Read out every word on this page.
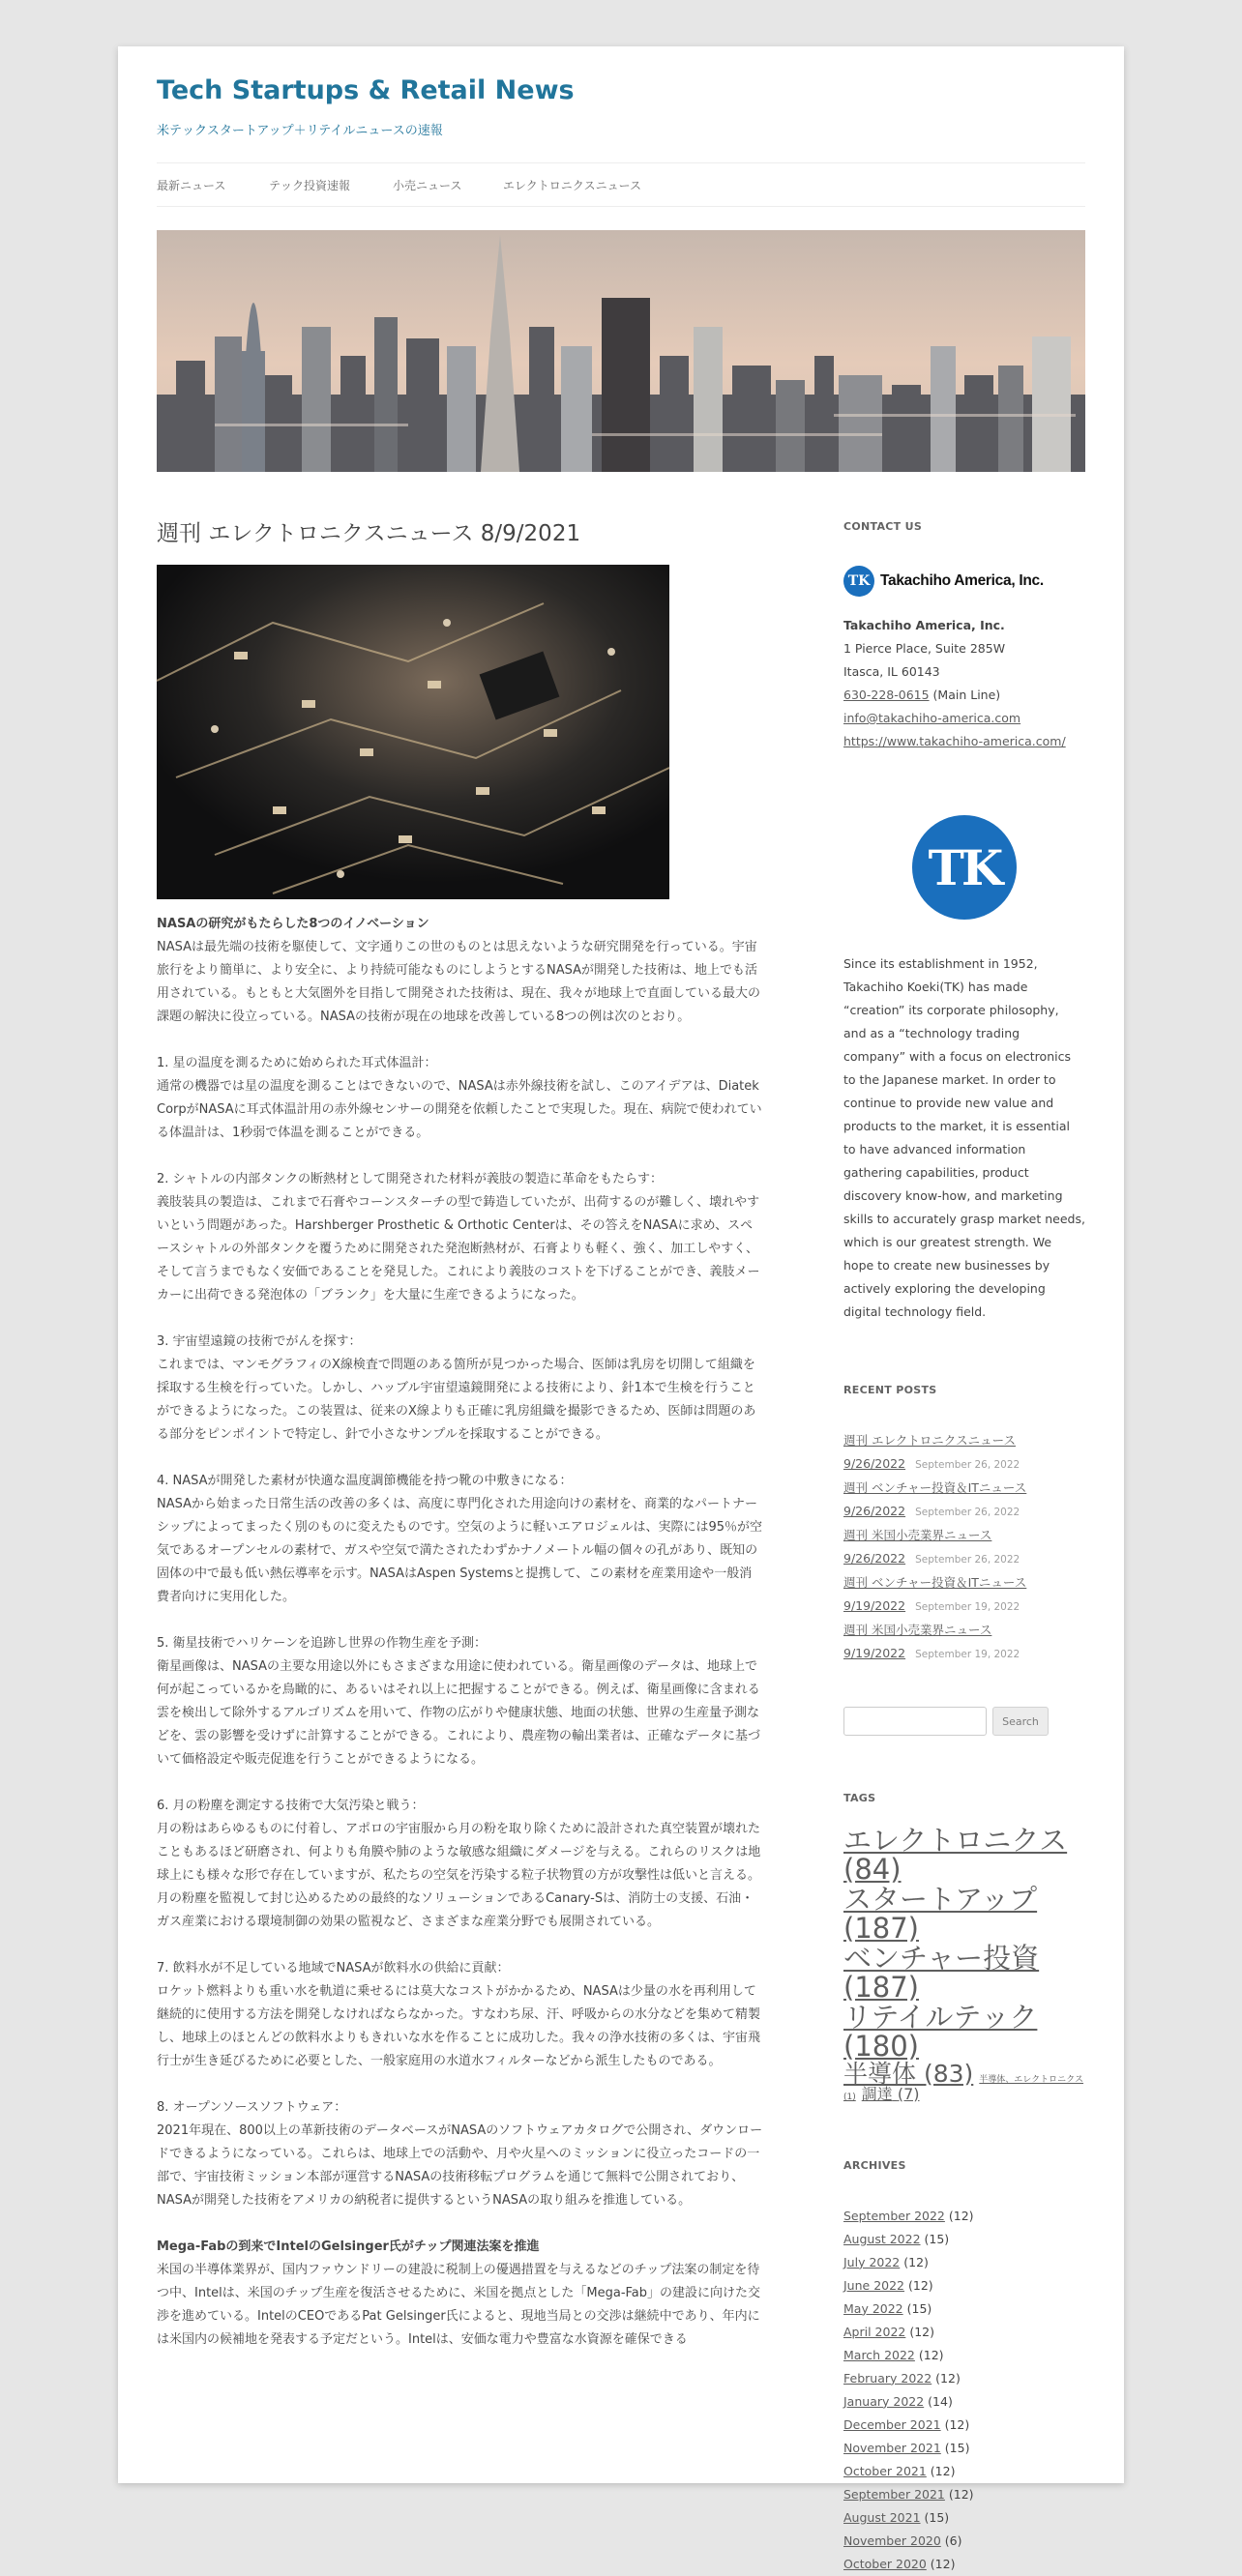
Tech Startups & Retail News
米テックスタートアップ＋リテイルニュースの速報
最新ニュース	テック投資速報	小売ニュース	エレクトロニクスニュース
週刊 エレクトロニクスニュース 8/9/2021

NASAの研究がもたらした8つのイノベーション
NASAは最先端の技術を駆使して、文字通りこの世のものとは思えないような研究開発を行っている。宇宙旅行をより簡単に、より安全に、より持続可能なものにしようとするNASAが開発した技術は、地上でも活用されている。もともと大気圏外を目指して開発された技術は、現在、我々が地球上で直面している最大の課題の解決に役立っている。NASAの技術が現在の地球を改善している8つの例は次のとおり。

1. 星の温度を測るために始められた耳式体温計：
通常の機器では星の温度を測ることはできないので、NASAは赤外線技術を試し、このアイデアは、Diatek CorpがNASAに耳式体温計用の赤外線センサーの開発を依頼したことで実現した。現在、病院で使われている体温計は、1秒弱で体温を測ることができる。

2. シャトルの内部タンクの断熱材として開発された材料が義肢の製造に革命をもたらす：
義肢装具の製造は、これまで石膏やコーンスターチの型で鋳造していたが、出荷するのが難しく、壊れやすいという問題があった。Harshberger Prosthetic & Orthotic Centerは、その答えをNASAに求め、スペースシャトルの外部タンクを覆うために開発された発泡断熱材が、石膏よりも軽く、強く、加工しやすく、そして言うまでもなく安価であることを発見した。これにより義肢のコストを下げることができ、義肢メーカーに出荷できる発泡体の「ブランク」を大量に生産できるようになった。

3. 宇宙望遠鏡の技術でがんを探す：
これまでは、マンモグラフィのX線検査で問題のある箇所が見つかった場合、医師は乳房を切開して組織を採取する生検を行っていた。しかし、ハッブル宇宙望遠鏡開発による技術により、針1本で生検を行うことができるようになった。この装置は、従来のX線よりも正確に乳房組織を撮影できるため、医師は問題のある部分をピンポイントで特定し、針で小さなサンプルを採取することができる。

4. NASAが開発した素材が快適な温度調節機能を持つ靴の中敷きになる：
NASAから始まった日常生活の改善の多くは、高度に専門化された用途向けの素材を、商業的なパートナーシップによってまったく別のものに変えたものです。空気のように軽いエアロジェルは、実際には95％が空気であるオープンセルの素材で、ガスや空気で満たされたわずかナノメートル幅の個々の孔があり、既知の固体の中で最も低い熱伝導率を示す。NASAはAspen Systemsと提携して、この素材を産業用途や一般消費者向けに実用化した。

5. 衛星技術でハリケーンを追跡し世界の作物生産を予測：
衛星画像は、NASAの主要な用途以外にもさまざまな用途に使われている。衛星画像のデータは、地球上で何が起こっているかを鳥瞰的に、あるいはそれ以上に把握することができる。例えば、衛星画像に含まれる雲を検出して除外するアルゴリズムを用いて、作物の広がりや健康状態、地面の状態、世界の生産量予測などを、雲の影響を受けずに計算することができる。これにより、農産物の輸出業者は、正確なデータに基づいて価格設定や販売促進を行うことができるようになる。

6. 月の粉塵を測定する技術で大気汚染と戦う：
月の粉はあらゆるものに付着し、アポロの宇宙服から月の粉を取り除くために設計された真空装置が壊れたこともあるほど研磨され、何よりも角膜や肺のような敏感な組織にダメージを与える。これらのリスクは地球上にも様々な形で存在していますが、私たちの空気を汚染する粒子状物質の方が攻撃性は低いと言える。月の粉塵を監視して封じ込めるための最終的なソリューションであるCanary-Sは、消防士の支援、石油・ガス産業における環境制御の効果の監視など、さまざまな産業分野でも展開されている。

7. 飲料水が不足している地域でNASAが飲料水の供給に貢献：
ロケット燃料よりも重い水を軌道に乗せるには莫大なコストがかかるため、NASAは少量の水を再利用して継続的に使用する方法を開発しなければならなかった。すなわち尿、汗、呼吸からの水分などを集めて精製し、地球上のほとんどの飲料水よりもきれいな水を作ることに成功した。我々の浄水技術の多くは、宇宙飛行士が生き延びるために必要とした、一般家庭用の水道水フィルターなどから派生したものである。

8. オープンソースソフトウェア：
2021年現在、800以上の革新技術のデータベースがNASAのソフトウェアカタログで公開され、ダウンロードできるようになっている。これらは、地球上での活動や、月や火星へのミッションに役立ったコードの一部で、宇宙技術ミッション本部が運営するNASAの技術移転プログラムを通じて無料で公開されており、NASAが開発した技術をアメリカの納税者に提供するというNASAの取り組みを推進している。

Mega-Fabの到来でIntelのGelsinger氏がチップ関連法案を推進
米国の半導体業界が、国内ファウンドリーの建設に税制上の優遇措置を与えるなどのチップ法案の制定を待つ中、Intelは、米国のチップ生産を復活させるために、米国を拠点とした「Mega-Fab」の建設に向けた交渉を進めている。IntelのCEOであるPat Gelsinger氏によると、現地当局との交渉は継続中であり、年内には米国内の候補地を発表する予定だという。Intelは、安価な電力や豊富な水資源を確保できる

CONTACT US
TK Takachiho America, Inc.
Takachiho America, Inc.
1 Pierce Place, Suite 285W
Itasca, IL 60143
630-228-0615 (Main Line)
info@takachiho-america.com
https://www.takachiho-america.com/
TK

Since its establishment in 1952, Takachiho Koeki(TK) has made “creation” its corporate philosophy, and as a “technology trading company” with a focus on electronics to the Japanese market. In order to continue to provide new value and products to the market, it is essential to have advanced information gathering capabilities, product discovery know-how, and marketing skills to accurately grasp market needs, which is our greatest strength. We hope to create new businesses by actively exploring the developing digital technology field.

RECENT POSTS
週刊 エレクトロニクスニュース 9/26/2022 September 26, 2022
週刊 ベンチャー投資＆ITニュース 9/26/2022 September 26, 2022
週刊 米国小売業界ニュース 9/26/2022 September 26, 2022
週刊 ベンチャー投資＆ITニュース 9/19/2022 September 19, 2022
週刊 米国小売業界ニュース 9/19/2022 September 19, 2022
Search
TAGS
エレクトロニクス (84)
スタートアップ (187)
ベンチャー投資 (187)
リテイルテック (180)
半導体 (83) 半導体、エレクトロニクス (1) 調達 (7)
ARCHIVES
September 2022 (12)
August 2022 (15)
July 2022 (12)
June 2022 (12)
May 2022 (15)
April 2022 (12)
March 2022 (12)
February 2022 (12)
January 2022 (14)
December 2021 (12)
November 2021 (15)
October 2021 (12)
September 2021 (12)
August 2021 (15)
November 2020 (6)
October 2020 (12)
